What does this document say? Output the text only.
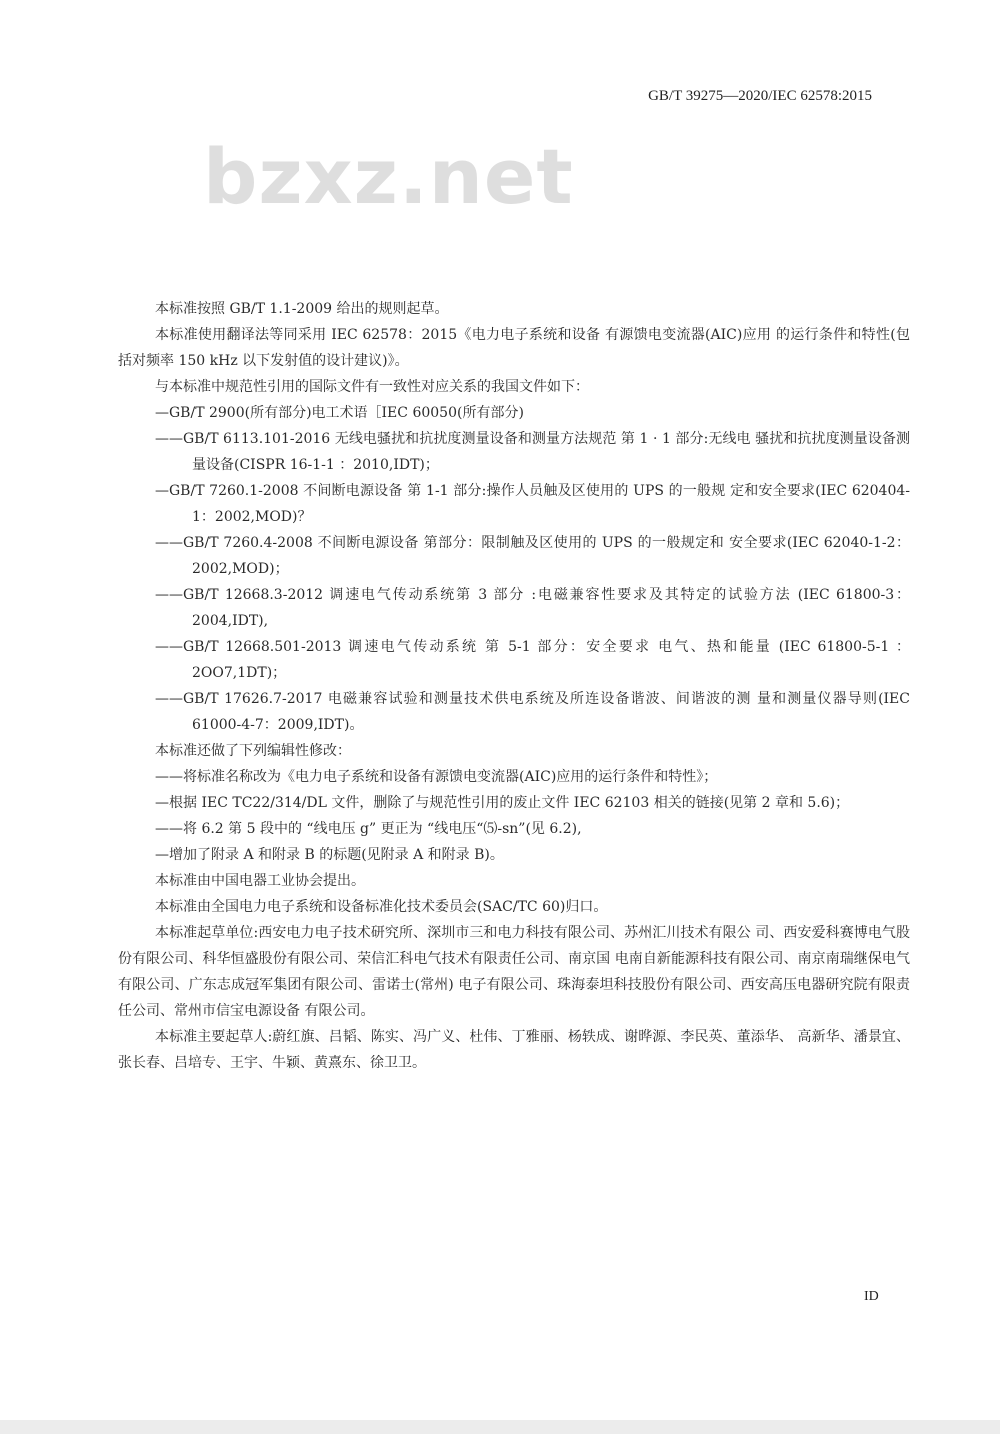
GB/T 39275—2020/IEC 62578:2015
bzxz.net

本标准按照 GB/T 1.1-2009 给出的规则起草。

本标准使用翻译法等同采用 IEC 62578：2015《电力电子系统和设备 有源馈电变流器(AIC)应用 的运行条件和特性(包括对频率 150 kHz 以下发射值的设计建议)》。

与本标准中规范性引用的国际文件有一致性对应关系的我国文件如下：

—GB/T 2900(所有部分)电工术语［IEC 60050(所有部分)

——GB/T 6113.101-2016 无线电骚扰和抗扰度测量设备和测量方法规范 第 1 · 1 部分:无线电 骚扰和抗扰度测量设备测量设备(CISPR 16-1-1 ：2010,IDT)；

—GB/T 7260.1-2008 不间断电源设备 第 1-1 部分:操作人员触及区使用的 UPS 的一般规 定和安全要求(IEC 620404-1：2002,MOD)？

——GB/T 7260.4-2008 不间断电源设备 第部分：限制触及区使用的 UPS 的一般规定和 安全要求(IEC 62040-1-2：2002,MOD)；

——GB/T 12668.3-2012 调速电气传动系统第 3 部分 :电磁兼容性要求及其特定的试验方法 (IEC 61800-3：2004,IDT),

——GB/T 12668.501-2013 调速电气传动系统 第 5-1 部分：安全要求 电气、热和能量 (IEC 61800-5-1 ：2OO7,1DT)；

——GB/T 17626.7-2017 电磁兼容试验和测量技术供电系统及所连设备谐波、间谐波的测 量和测量仪器导则(IEC 61000-4-7：2009,IDT)。

本标准还做了下列编辑性修改：

——将标准名称改为《电力电子系统和设备有源馈电变流器(AIC)应用的运行条件和特性》；

—根据 IEC TC22/314/DL 文件，删除了与规范性引用的废止文件 IEC 62103 相关的链接(见第 2 章和 5.6)；

——将 6.2 第 5 段中的 “线电压 g” 更正为 “线电压“⑸-sn”(见 6.2),

—增加了附录 A 和附录 B 的标题(见附录 A 和附录 B)。

本标准由中国电器工业协会提出。

本标准由全国电力电子系统和设备标准化技术委员会(SAC/TC 60)归口。

本标准起草单位:西安电力电子技术研究所、深圳市三和电力科技有限公司、苏州汇川技术有限公 司、西安爱科赛博电气股份有限公司、科华恒盛股份有限公司、荣信汇科电气技术有限责任公司、南京国 电南自新能源科技有限公司、南京南瑞继保电气有限公司、广东志成冠军集团有限公司、雷诺士(常州) 电子有限公司、珠海泰坦科技股份有限公司、西安高压电器研究院有限责任公司、常州市信宝电源设备 有限公司。

本标准主要起草人:蔚红旗、吕韬、陈实、冯广义、杜伟、丁雅丽、杨轶成、谢晔源、李民英、董添华、 高新华、潘景宜、张长春、吕培专、王宇、牛颖、黄熹东、徐卫卫。

ID
